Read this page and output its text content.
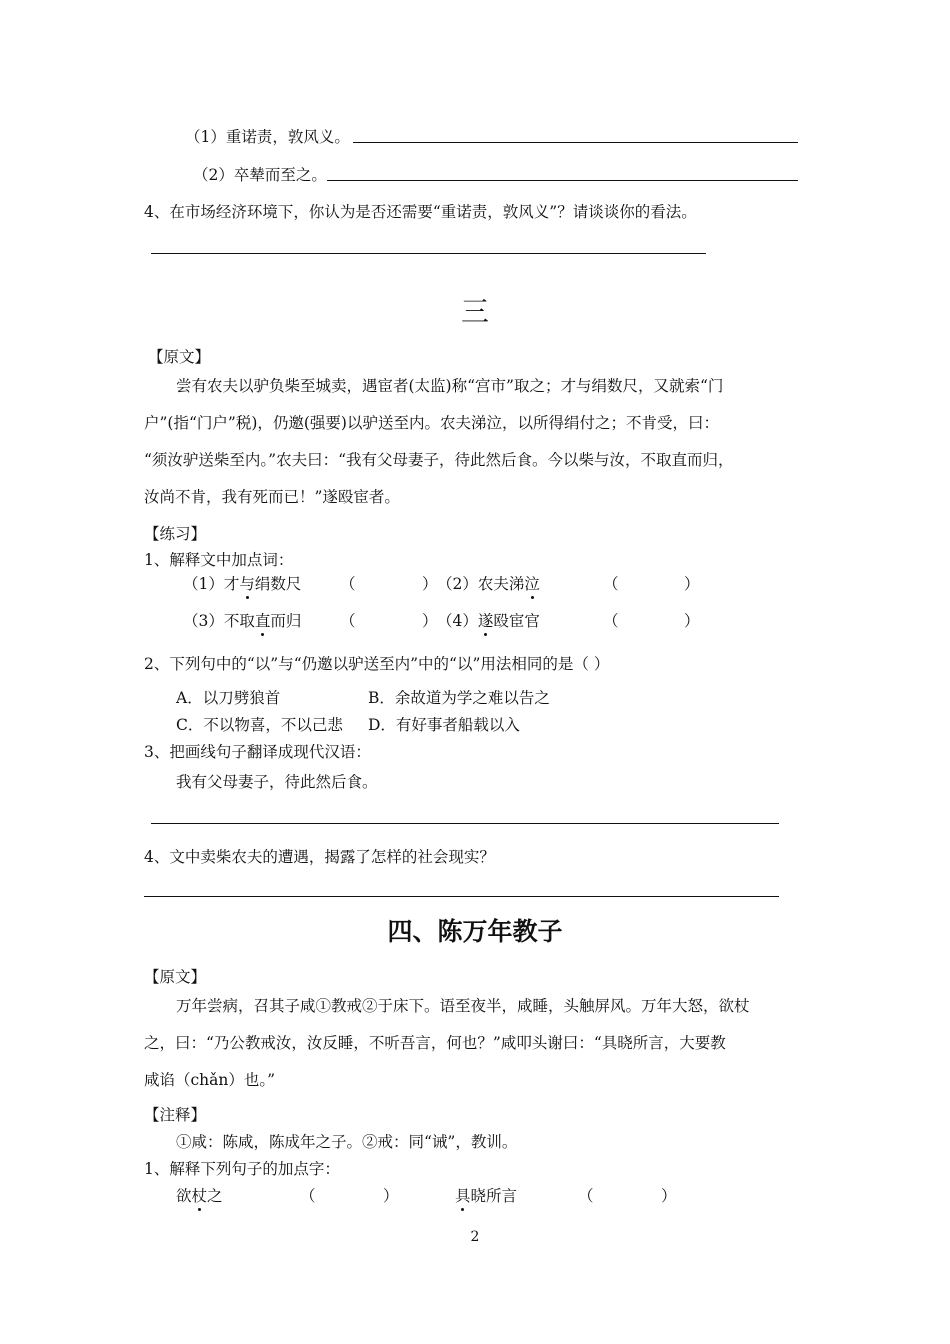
（1）重诺责，敦风义。
（2）卒辇而至之。
4、在市场经济环境下，你认为是否还需要“重诺责，敦风义”？请谈谈你的看法。
三
【原文】
尝有农夫以驴负柴至城卖，遇宦者(太监)称“宫市”取之；才与绢数尺，又就索“门
户”(指“门户”税)，仍邀(强要)以驴送至内。农夫涕泣，以所得绢付之；不肯受，曰：
“须汝驴送柴至内。”农夫曰：“我有父母妻子，待此然后食。今以柴与汝，不取直而归，
汝尚不肯，我有死而已！”遂殴宦者。
【练习】
1、解释文中加点词：
（1）才与绢数尺 （	） （2）农夫涕泣	（	）
（3）不取直而归 （	） （4）遂殴宦官	（	）
2、下列句中的“以”与“仍邀以驴送至内”中的“以”用法相同的是（ ）
A．以刀劈狼首	B．余故道为学之难以告之
C．不以物喜，不以己悲 D．有好事者船载以入
3、把画线句子翻译成现代汉语：
我有父母妻子，待此然后食。
4、文中卖柴农夫的遭遇，揭露了怎样的社会现实？
四、陈万年教子
【原文】
万年尝病，召其子咸①教戒②于床下。语至夜半，咸睡，头触屏风。万年大怒，欲杖
之，曰：“乃公教戒汝，汝反睡，不听吾言，何也？”咸叩头谢曰：“具晓所言，大要教
咸谄（chǎn）也。”
【注释】
①咸：陈咸，陈成年之子。②戒：同“诫”，教训。
1、解释下列句子的加点字：
欲杖之	（	）	具晓所言	（	）
2
